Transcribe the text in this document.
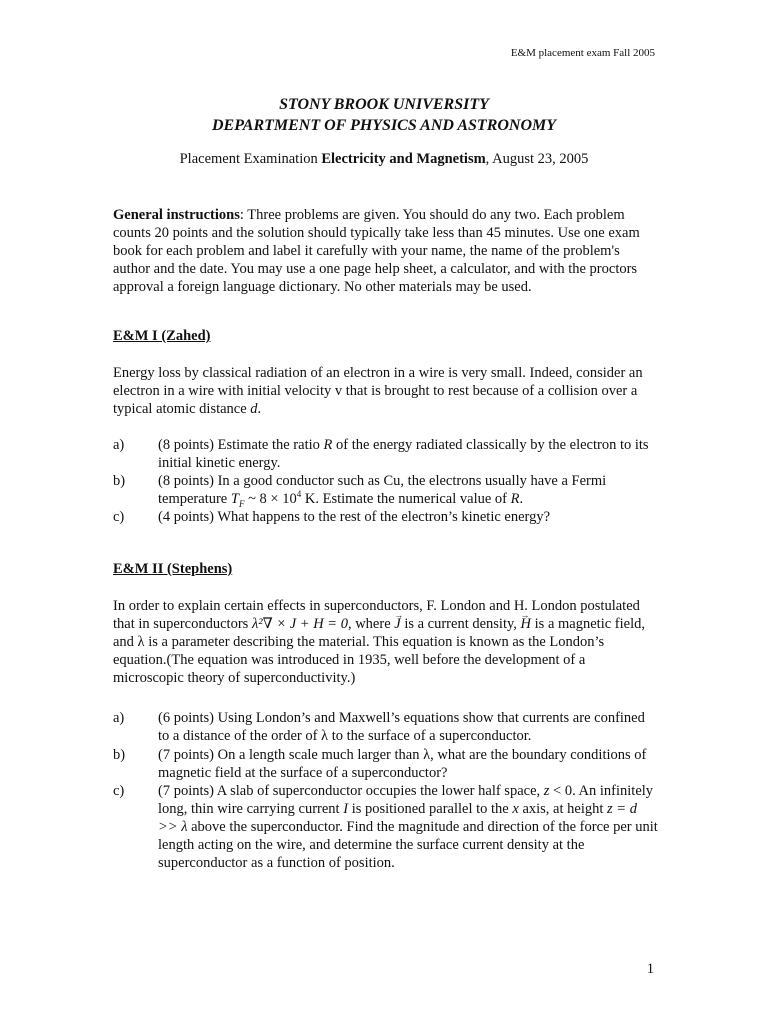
E&M placement exam Fall 2005
STONY BROOK UNIVERSITY
DEPARTMENT OF PHYSICS AND ASTRONOMY
Placement Examination Electricity and Magnetism, August 23, 2005
General instructions: Three problems are given. You should do any two. Each problem counts 20 points and the solution should typically take less than 45 minutes. Use one exam book for each problem and label it carefully with your name, the name of the problem's author and the date. You may use a one page help sheet, a calculator, and with the proctors approval a foreign language dictionary. No other materials may be used.
E&M I (Zahed)
Energy loss by classical radiation of an electron in a wire is very small. Indeed, consider an electron in a wire with initial velocity v that is brought to rest because of a collision over a typical atomic distance d.
a)	(8 points) Estimate the ratio R of the energy radiated classically by the electron to its initial kinetic energy.
b)	(8 points) In a good conductor such as Cu, the electrons usually have a Fermi temperature $T_F$ ~ $8 \times 10^4$ K. Estimate the numerical value of R.
c)	(4 points) What happens to the rest of the electron’s kinetic energy?
E&M II (Stephens)
In order to explain certain effects in superconductors, F. London and H. London postulated that in superconductors λ²∇ × J + H = 0, where → J is a current density, → H is a magnetic field, and λ is a parameter describing the material. This equation is known as the London’s equation.(The equation was introduced in 1935, well before the development of a microscopic theory of superconductivity.)
a)	(6 points) Using London’s and Maxwell’s equations show that currents are confined to a distance of the order of λ to the surface of a superconductor.
b)	(7 points) On a length scale much larger than λ, what are the boundary conditions of magnetic field at the surface of a superconductor?
c)	(7 points) A slab of superconductor occupies the lower half space, z < 0. An infinitely long, thin wire carrying current I is positioned parallel to the x axis, at height z = d >> λ above the superconductor. Find the magnitude and direction of the force per unit length acting on the wire, and determine the surface current density at the superconductor as a function of position.
1
